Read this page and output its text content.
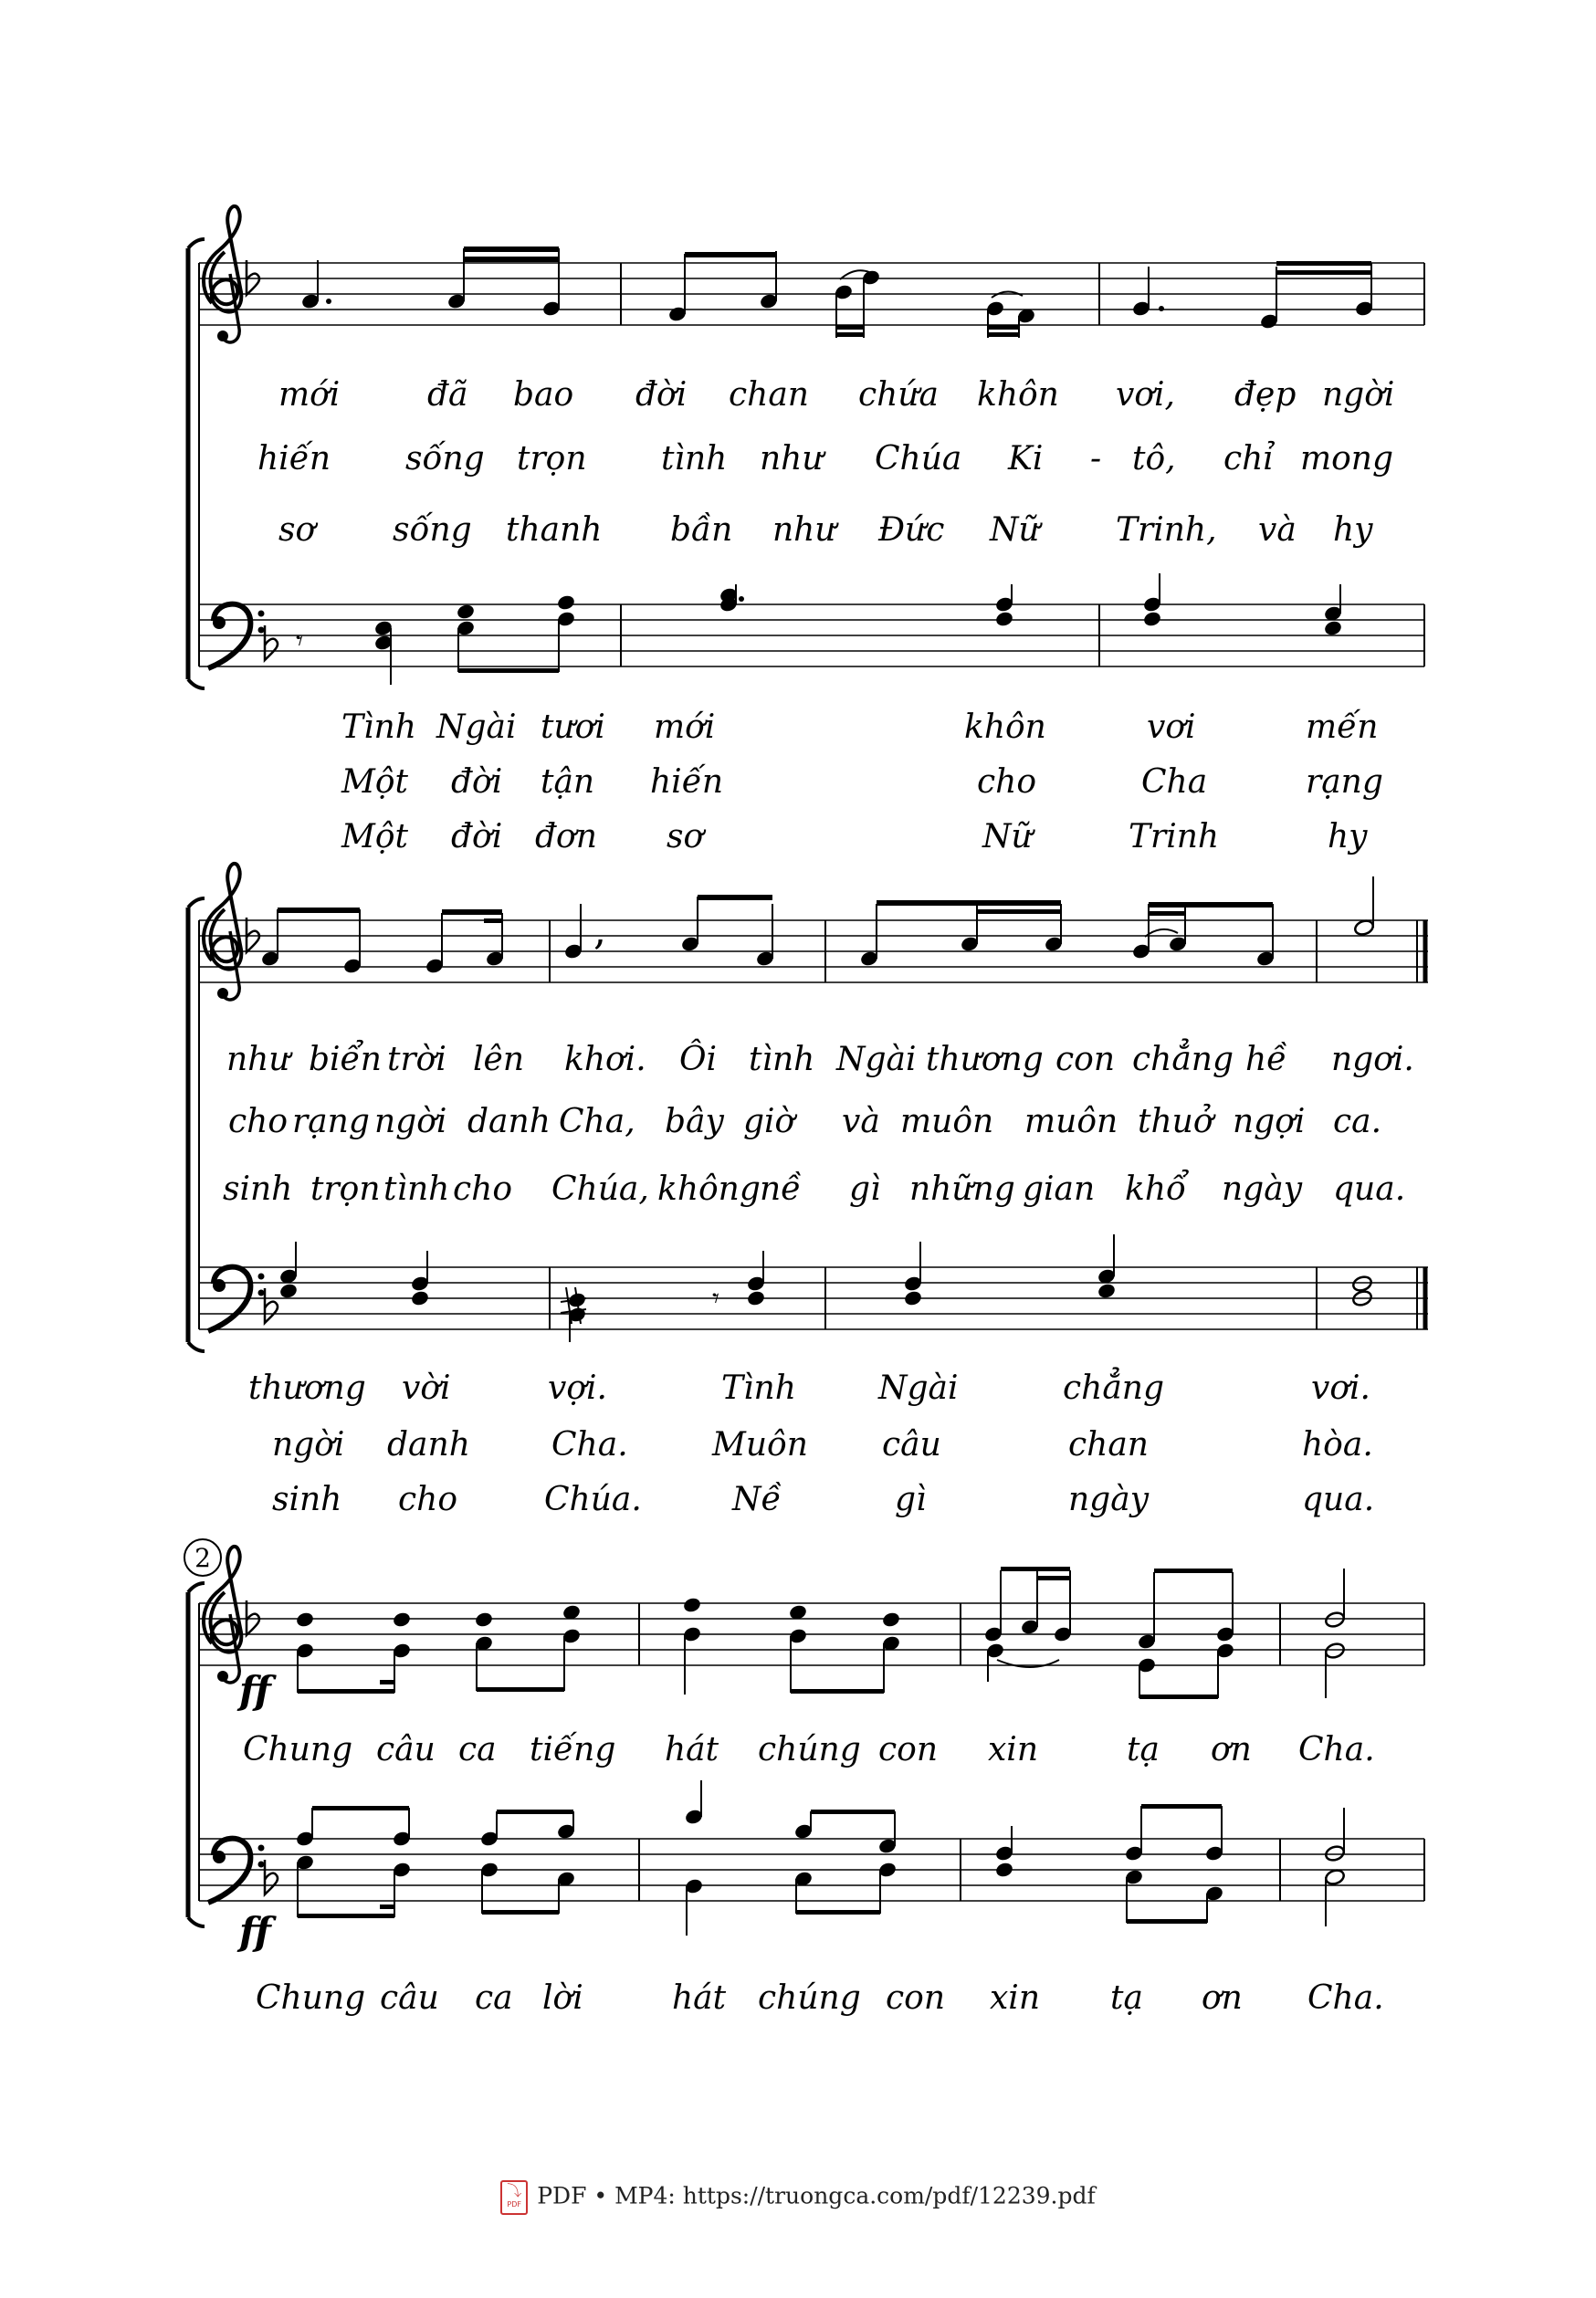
𝄾
mới	đã bao đời chan chứa khôn vơi, đẹp ngời
hiến sống trọn tình như Chúa Ki - tô, chỉ mong
sơ sống thanh bần như Đức Nữ Trinh, và hy
Tình Ngài tươi mới	khôn	vơi	mến
Một đời tận hiến	cho	Cha	rạng
Một đời đơn sơ	Nữ	Trinh	hy
,
𝄾
như biển trời lên khơi. Ôi tình Ngài thương con chẳng hề ngơi.
cho rạng ngời danh Cha, bây giờ và muôn muôn thuở ngợi ca.
sinh trọn tình cho Chúa, không nề gì những gian khổ ngày qua.
thương vời	vợi.	Tình	Ngài	chẳng	vơi.
ngời danh Cha.	Muôn câu	chan	hòa.
sinh cho	Chúa.	Nề	gì	ngày	qua.
2
ff
ff
Chung câu ca tiếng hát chúng con xin	tạ ơn Cha.
Chung câu ca lời	hát chúng con xin tạ ơn Cha.
⤵ PDF PDF • MP4: https://truongca.com/pdf/12239.pdf
